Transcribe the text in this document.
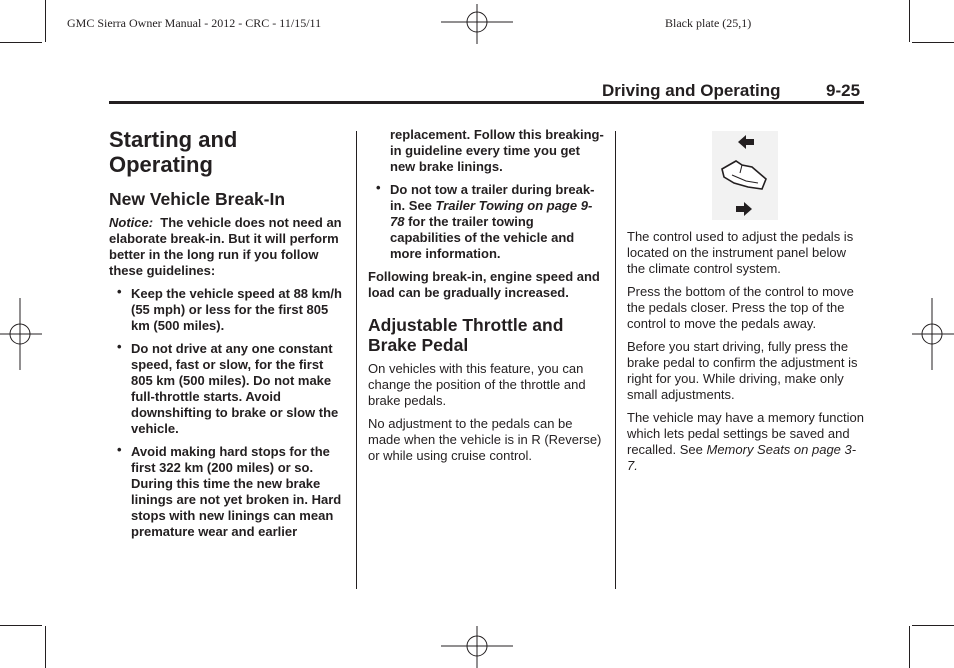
GMC Sierra Owner Manual - 2012 - CRC - 11/15/11	Black plate (25,1)
Driving and Operating	9-25
Starting and Operating
New Vehicle Break-In

Notice: The vehicle does not need an elaborate break-in. But it will perform better in the long run if you follow these guidelines:

• Keep the vehicle speed at 88 km/h (55 mph) or less for the first 805 km (500 miles).
• Do not drive at any one constant speed, fast or slow, for the first 805 km (500 miles). Do not make full-throttle starts. Avoid downshifting to brake or slow the vehicle.
• Avoid making hard stops for the first 322 km (200 miles) or so. During this time the new brake linings are not yet broken in. Hard stops with new linings can mean premature wear and earlier

replacement. Follow this breaking-in guideline every time you get new brake linings.

• Do not tow a trailer during break-in. See Trailer Towing on page 9-78 for the trailer towing capabilities of the vehicle and more information.

Following break-in, engine speed and load can be gradually increased.

Adjustable Throttle and Brake Pedal

On vehicles with this feature, you can change the position of the throttle and brake pedals.

No adjustment to the pedals can be made when the vehicle is in R (Reverse) or while using cruise control.

The control used to adjust the pedals is located on the instrument panel below the climate control system.

Press the bottom of the control to move the pedals closer. Press the top of the control to move the pedals away.

Before you start driving, fully press the brake pedal to confirm the adjustment is right for you. While driving, make only small adjustments.

The vehicle may have a memory function which lets pedal settings be saved and recalled. See Memory Seats on page 3-7.
